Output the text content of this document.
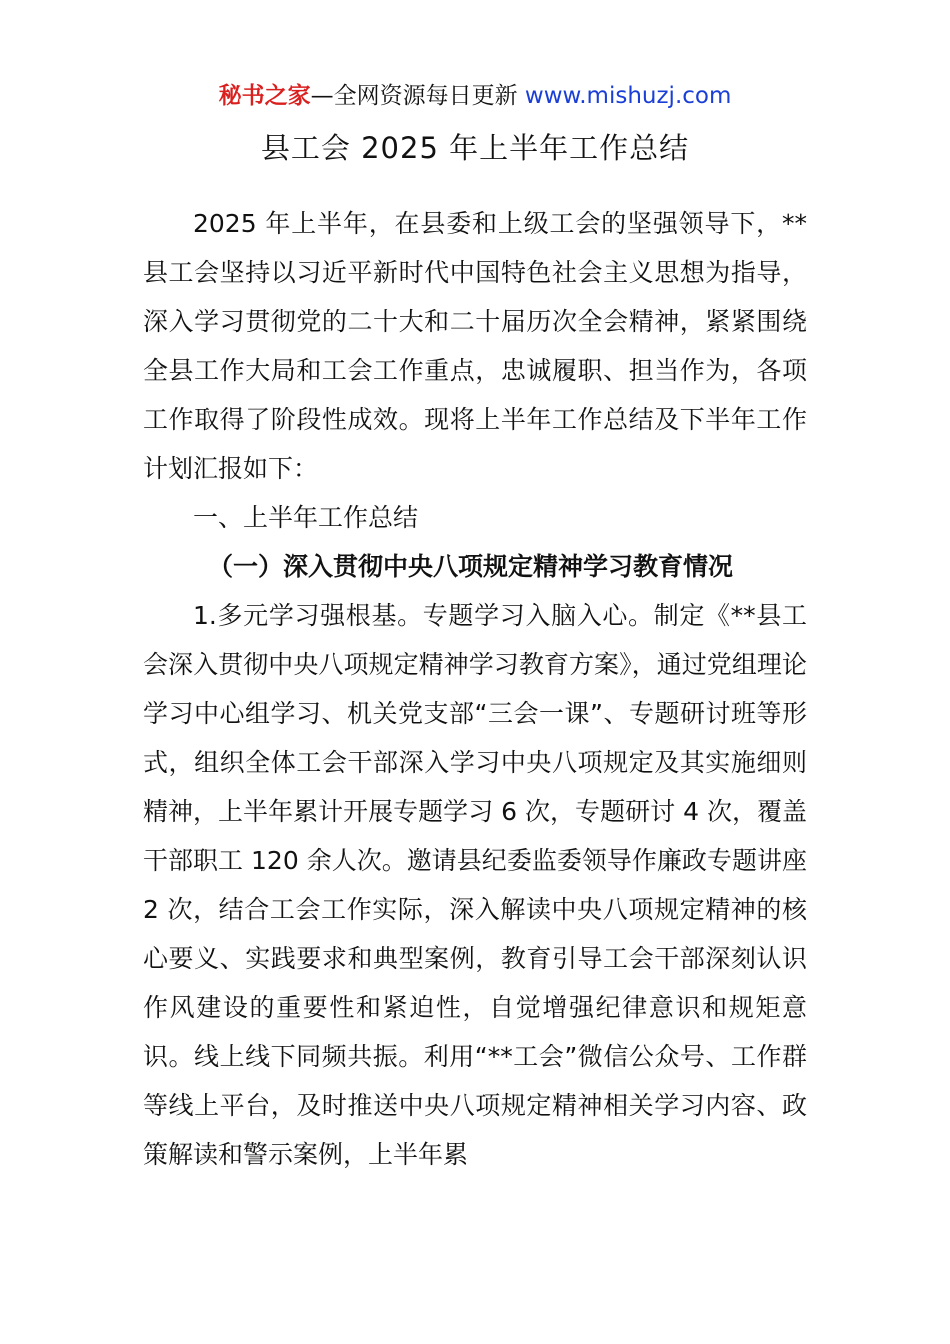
秘书之家—全网资源每日更新 www.mishuzj.com
县工会 2025 年上半年工作总结

2025 年上半年，在县委和上级工会的坚强领导下，**县工会坚持以习近平新时代中国特色社会主义思想为指导，深入学习贯彻党的二十大和二十届历次全会精神，紧紧围绕全县工作大局和工会工作重点，忠诚履职、担当作为，各项工作取得了阶段性成效。现将上半年工作总结及下半年工作计划汇报如下：

一、上半年工作总结

（一）深入贯彻中央八项规定精神学习教育情况

1.多元学习强根基。专题学习入脑入心。制定《**县工会深入贯彻中央八项规定精神学习教育方案》，通过党组理论学习中心组学习、机关党支部“三会一课”、专题研讨班等形式，组织全体工会干部深入学习中央八项规定及其实施细则精神，上半年累计开展专题学习 6 次，专题研讨 4 次，覆盖干部职工 120 余人次。邀请县纪委监委领导作廉政专题讲座 2 次，结合工会工作实际，深入解读中央八项规定精神的核心要义、实践要求和典型案例，教育引导工会干部深刻认识作风建设的重要性和紧迫性，自觉增强纪律意识和规矩意识。线上线下同频共振。利用“**工会”微信公众号、工作群等线上平台，及时推送中央八项规定精神相关学习内容、政策解读和警示案例，上半年累
